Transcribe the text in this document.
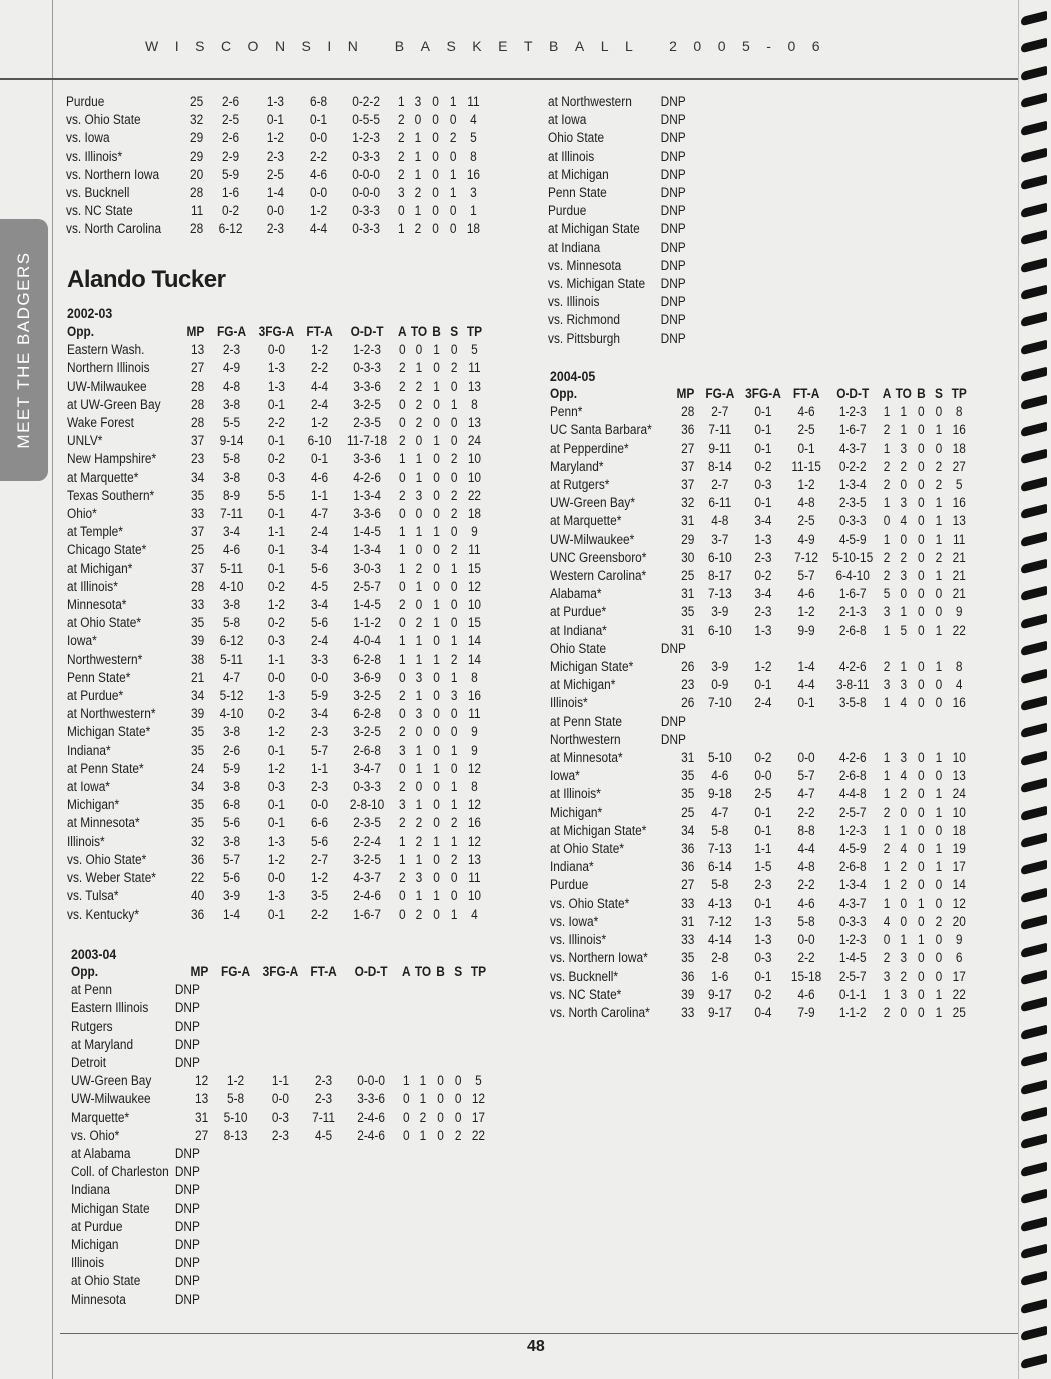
WISCONSIN BASKETBALL 2005-06
MEET THE BADGERS
Purdue	25	2-6	1-3	6-8	0-2-2	1	3	0	1	11
vs. Ohio State	32	2-5	0-1	0-1	0-5-5	2	0	0	0	4
vs. Iowa	29	2-6	1-2	0-0	1-2-3	2	1	0	2	5
vs. Illinois*	29	2-9	2-3	2-2	0-3-3	2	1	0	0	8
vs. Northern Iowa	20	5-9	2-5	4-6	0-0-0	2	1	0	1	16
vs. Bucknell	28	1-6	1-4	0-0	0-0-0	3	2	0	1	3
vs. NC State	11	0-2	0-0	1-2	0-3-3	0	1	0	0	1
vs. North Carolina	28	6-12	2-3	4-4	0-3-3	1	2	0	0	18
Alando Tucker
2002-03
Opp.	MP	FG-A	3FG-A	FT-A	O-D-T	A	TO	B	S	TP
Eastern Wash.	13	2-3	0-0	1-2	1-2-3	0	0	1	0	5
Northern Illinois	27	4-9	1-3	2-2	0-3-3	2	1	0	2	11
UW-Milwaukee	28	4-8	1-3	4-4	3-3-6	2	2	1	0	13
at UW-Green Bay	28	3-8	0-1	2-4	3-2-5	0	2	0	1	8
Wake Forest	28	5-5	2-2	1-2	2-3-5	0	2	0	0	13
UNLV*	37	9-14	0-1	6-10	11-7-18	2	0	1	0	24
New Hampshire*	23	5-8	0-2	0-1	3-3-6	1	1	0	2	10
at Marquette*	34	3-8	0-3	4-6	4-2-6	0	1	0	0	10
Texas Southern*	35	8-9	5-5	1-1	1-3-4	2	3	0	2	22
Ohio*	33	7-11	0-1	4-7	3-3-6	0	0	0	2	18
at Temple*	37	3-4	1-1	2-4	1-4-5	1	1	1	0	9
Chicago State*	25	4-6	0-1	3-4	1-3-4	1	0	0	2	11
at Michigan*	37	5-11	0-1	5-6	3-0-3	1	2	0	1	15
at Illinois*	28	4-10	0-2	4-5	2-5-7	0	1	0	0	12
Minnesota*	33	3-8	1-2	3-4	1-4-5	2	0	1	0	10
at Ohio State*	35	5-8	0-2	5-6	1-1-2	0	2	1	0	15
Iowa*	39	6-12	0-3	2-4	4-0-4	1	1	0	1	14
Northwestern*	38	5-11	1-1	3-3	6-2-8	1	1	1	2	14
Penn State*	21	4-7	0-0	0-0	3-6-9	0	3	0	1	8
at Purdue*	34	5-12	1-3	5-9	3-2-5	2	1	0	3	16
at Northwestern*	39	4-10	0-2	3-4	6-2-8	0	3	0	0	11
Michigan State*	35	3-8	1-2	2-3	3-2-5	2	0	0	0	9
Indiana*	35	2-6	0-1	5-7	2-6-8	3	1	0	1	9
at Penn State*	24	5-9	1-2	1-1	3-4-7	0	1	1	0	12
at Iowa*	34	3-8	0-3	2-3	0-3-3	2	0	0	1	8
Michigan*	35	6-8	0-1	0-0	2-8-10	3	1	0	1	12
at Minnesota*	35	5-6	0-1	6-6	2-3-5	2	2	0	2	16
Illinois*	32	3-8	1-3	5-6	2-2-4	1	2	1	1	12
vs. Ohio State*	36	5-7	1-2	2-7	3-2-5	1	1	0	2	13
vs. Weber State*	22	5-6	0-0	1-2	4-3-7	2	3	0	0	11
vs. Tulsa*	40	3-9	1-3	3-5	2-4-6	0	1	1	0	10
vs. Kentucky*	36	1-4	0-1	2-2	1-6-7	0	2	0	1	4
2003-04
Opp.	MP	FG-A	3FG-A	FT-A	O-D-T	A	TO	B	S	TP
at Penn	DNP									
Eastern Illinois	DNP									
Rutgers	DNP									
at Maryland	DNP									
Detroit	DNP									
UW-Green Bay	12	1-2	1-1	2-3	0-0-0	1	1	0	0	5
UW-Milwaukee	13	5-8	0-0	2-3	3-3-6	0	1	0	0	12
Marquette*	31	5-10	0-3	7-11	2-4-6	0	2	0	0	17
vs. Ohio*	27	8-13	2-3	4-5	2-4-6	0	1	0	2	22
at Alabama	DNP									
Coll. of Charleston	DNP									
Indiana	DNP									
Michigan State	DNP									
at Purdue	DNP									
Michigan	DNP									
Illinois	DNP									
at Ohio State	DNP									
Minnesota	DNP									
at Northwestern	DNP
at Iowa	DNP
Ohio State	DNP
at Illinois	DNP
at Michigan	DNP
Penn State	DNP
Purdue	DNP
at Michigan State	DNP
at Indiana	DNP
vs. Minnesota	DNP
vs. Michigan State	DNP
vs. Illinois	DNP
vs. Richmond	DNP
vs. Pittsburgh	DNP
2004-05
Opp.	MP	FG-A	3FG-A	FT-A	O-D-T	A	TO	B	S	TP
Penn*	28	2-7	0-1	4-6	1-2-3	1	1	0	0	8
UC Santa Barbara*	36	7-11	0-1	2-5	1-6-7	2	1	0	1	16
at Pepperdine*	27	9-11	0-1	0-1	4-3-7	1	3	0	0	18
Maryland*	37	8-14	0-2	11-15	0-2-2	2	2	0	2	27
at Rutgers*	37	2-7	0-3	1-2	1-3-4	2	0	0	2	5
UW-Green Bay*	32	6-11	0-1	4-8	2-3-5	1	3	0	1	16
at Marquette*	31	4-8	3-4	2-5	0-3-3	0	4	0	1	13
UW-Milwaukee*	29	3-7	1-3	4-9	4-5-9	1	0	0	1	11
UNC Greensboro*	30	6-10	2-3	7-12	5-10-15	2	2	0	2	21
Western Carolina*	25	8-17	0-2	5-7	6-4-10	2	3	0	1	21
Alabama*	31	7-13	3-4	4-6	1-6-7	5	0	0	0	21
at Purdue*	35	3-9	2-3	1-2	2-1-3	3	1	0	0	9
at Indiana*	31	6-10	1-3	9-9	2-6-8	1	5	0	1	22
Ohio State	DNP									
Michigan State*	26	3-9	1-2	1-4	4-2-6	2	1	0	1	8
at Michigan*	23	0-9	0-1	4-4	3-8-11	3	3	0	0	4
Illinois*	26	7-10	2-4	0-1	3-5-8	1	4	0	0	16
at Penn State	DNP									
Northwestern	DNP									
at Minnesota*	31	5-10	0-2	0-0	4-2-6	1	3	0	1	10
Iowa*	35	4-6	0-0	5-7	2-6-8	1	4	0	0	13
at Illinois*	35	9-18	2-5	4-7	4-4-8	1	2	0	1	24
Michigan*	25	4-7	0-1	2-2	2-5-7	2	0	0	1	10
at Michigan State*	34	5-8	0-1	8-8	1-2-3	1	1	0	0	18
at Ohio State*	36	7-13	1-1	4-4	4-5-9	2	4	0	1	19
Indiana*	36	6-14	1-5	4-8	2-6-8	1	2	0	1	17
Purdue	27	5-8	2-3	2-2	1-3-4	1	2	0	0	14
vs. Ohio State*	33	4-13	0-1	4-6	4-3-7	1	0	1	0	12
vs. Iowa*	31	7-12	1-3	5-8	0-3-3	4	0	0	2	20
vs. Illinois*	33	4-14	1-3	0-0	1-2-3	0	1	1	0	9
vs. Northern Iowa*	35	2-8	0-3	2-2	1-4-5	2	3	0	0	6
vs. Bucknell*	36	1-6	0-1	15-18	2-5-7	3	2	0	0	17
vs. NC State*	39	9-17	0-2	4-6	0-1-1	1	3	0	1	22
vs. North Carolina*	33	9-17	0-4	7-9	1-1-2	2	0	0	1	25
48
